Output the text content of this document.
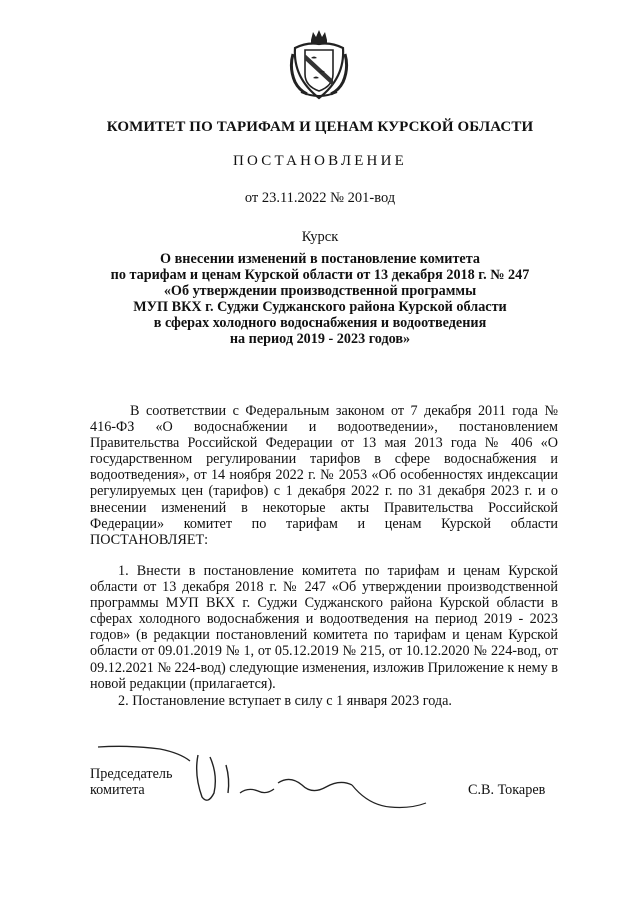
КОМИТЕТ ПО ТАРИФАМ И ЦЕНАМ КУРСКОЙ ОБЛАСТИ
ПОСТАНОВЛЕНИЕ
от 23.11.2022 № 201-вод
Курск
О внесении изменений в постановление комитета
по тарифам и ценам Курской области от 13 декабря 2018 г. № 247
«Об утверждении производственной программы
МУП ВКХ г. Суджи Суджанского района Курской области
в сферах холодного водоснабжения и водоотведения
на период 2019 - 2023 годов»
В соответствии с Федеральным законом от 7 декабря 2011 года № 416-ФЗ «О водоснабжении и водоотведении», постановлением Правительства Российской Федерации от 13 мая 2013 года № 406 «О государственном регулировании тарифов в сфере водоснабжения и водоотведения», от 14 ноября 2022 г. № 2053 «Об особенностях индексации регулируемых цен (тарифов) с 1 декабря 2022 г. по 31 декабря 2023 г. и о внесении изменений в некоторые акты Правительства Российской Федерации» комитет по тарифам и ценам Курской области ПОСТАНОВЛЯЕТ:
1. Внести в постановление комитета по тарифам и ценам Курской области от 13 декабря 2018 г. № 247 «Об утверждении производственной программы МУП ВКХ г. Суджи Суджанского района Курской области в сферах холодного водоснабжения и водоотведения на период 2019 - 2023 годов» (в редакции постановлений комитета по тарифам и ценам Курской области от 09.01.2019 № 1, от 05.12.2019 № 215, от 10.12.2020 № 224-вод, от 09.12.2021 № 224-вод) следующие изменения, изложив Приложение к нему в новой редакции (прилагается).
2. Постановление вступает в силу с 1 января 2023 года.
Председатель
комитета	С.В. Токарев
